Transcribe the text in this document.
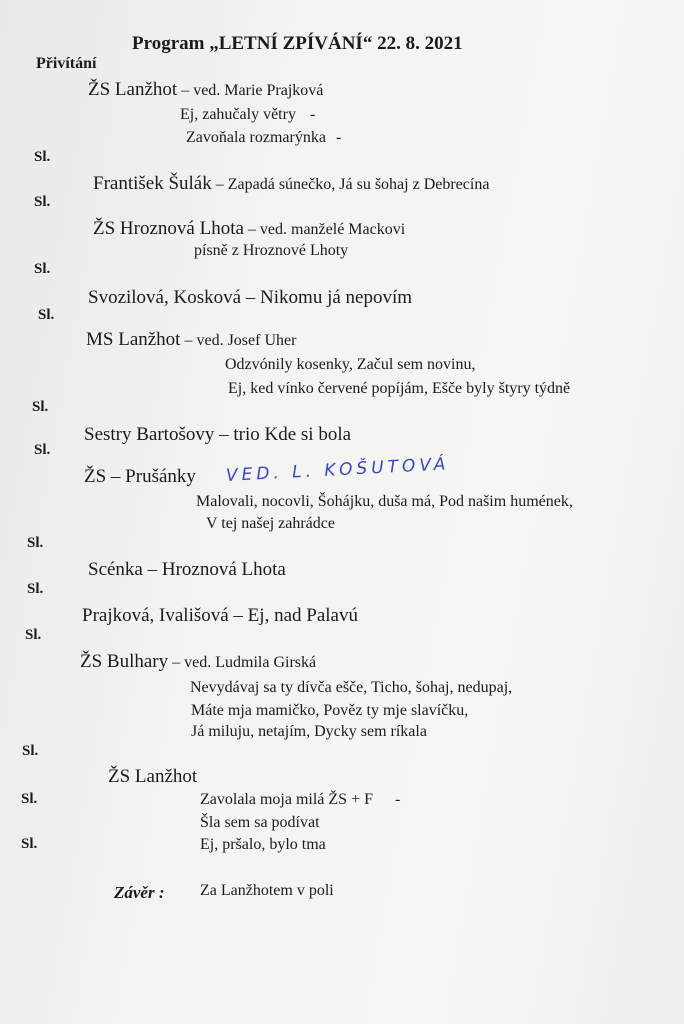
Program „LETNÍ ZPÍVÁNÍ“ 22. 8. 2021
Přivítání
ŽS Lanžhot – ved. Marie Prajková
Ej, zahučaly větry -
Zavoňala rozmarýnka -
Sl.
František Šulák – Zapadá súnečko, Já su šohaj z Debrecína
Sl.
ŽS Hroznová Lhota – ved. manželé Mackovi
písně z Hroznové Lhoty
Sl.
Svozilová, Kosková – Nikomu já nepovím
Sl.
MS Lanžhot – ved. Josef Uher
Odzvónily kosenky, Začul sem novinu,
Ej, ked vínko červené popíjám, Ešče byly štyry týdně
Sl.
Sestry Bartošovy – trio Kde si bola
Sl.
ŽS – Prušánky VED. L. KOŠUTOVÁ
Malovali, nocovli, Šohájku, duša má, Pod našim humének,
V tej našej zahrádce
Sl.
Scénka – Hroznová Lhota
Sl.
Prajková, Ivališová – Ej, nad Palavú
Sl.
ŽS Bulhary – ved. Ludmila Girská
Nevydávaj sa ty dívča ešče, Ticho, šohaj, nedupaj,
Máte mja mamičko, Pověz ty mje slavíčku,
Já miluju, netajím, Dycky sem ríkala
Sl.
ŽS Lanžhot
Sl.	Zavolala moja milá ŽS + F -
Šla sem sa podívat
Sl.	Ej, pršalo, bylo tma
Závěr : Za Lanžhotem v poli
